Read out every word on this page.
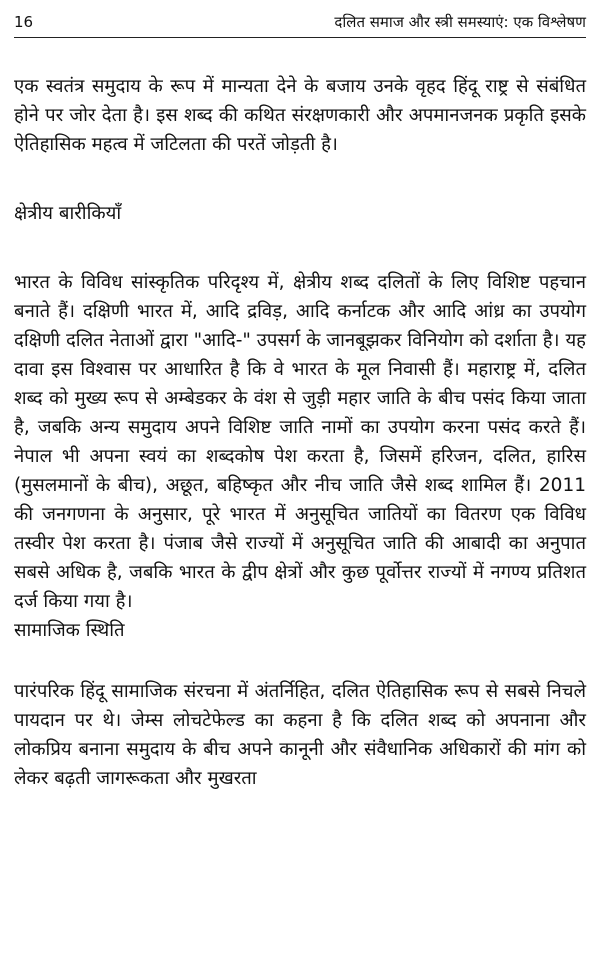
16	दलित समाज और स्त्री समस्याएं: एक विश्लेषण

एक स्वतंत्र समुदाय के रूप में मान्यता देने के बजाय उनके वृहद हिंदू राष्ट्र से संबंधित होने पर जोर देता है। इस शब्द की कथित संरक्षणकारी और अपमानजनक प्रकृति इसके ऐतिहासिक महत्व में जटिलता की परतें जोड़ती है।

क्षेत्रीय बारीकियाँ

भारत के विविध सांस्कृतिक परिदृश्य में, क्षेत्रीय शब्द दलितों के लिए विशिष्ट पहचान बनाते हैं। दक्षिणी भारत में, आदि द्रविड़, आदि कर्नाटक और आदि आंध्र का उपयोग दक्षिणी दलित नेताओं द्वारा "आदि-" उपसर्ग के जानबूझकर विनियोग को दर्शाता है। यह दावा इस विश्वास पर आधारित है कि वे भारत के मूल निवासी हैं। महाराष्ट्र में, दलित शब्द को मुख्य रूप से अम्बेडकर के वंश से जुड़ी महार जाति के बीच पसंद किया जाता है, जबकि अन्य समुदाय अपने विशिष्ट जाति नामों का उपयोग करना पसंद करते हैं। नेपाल भी अपना स्वयं का शब्दकोष पेश करता है, जिसमें हरिजन, दलित, हारिस (मुसलमानों के बीच), अछूत, बहिष्कृत और नीच जाति जैसे शब्द शामिल हैं। 2011 की जनगणना के अनुसार, पूरे भारत में अनुसूचित जातियों का वितरण एक विविध तस्वीर पेश करता है। पंजाब जैसे राज्यों में अनुसूचित जाति की आबादी का अनुपात सबसे अधिक है, जबकि भारत के द्वीप क्षेत्रों और कुछ पूर्वोत्तर राज्यों में नगण्य प्रतिशत दर्ज किया गया है।

सामाजिक स्थिति

पारंपरिक हिंदू सामाजिक संरचना में अंतर्निहित, दलित ऐतिहासिक रूप से सबसे निचले पायदान पर थे। जेम्स लोचटेफेल्ड का कहना है कि दलित शब्द को अपनाना और लोकप्रिय बनाना समुदाय के बीच अपने कानूनी और संवैधानिक अधिकारों की मांग को लेकर बढ़ती जागरूकता और मुखरता
